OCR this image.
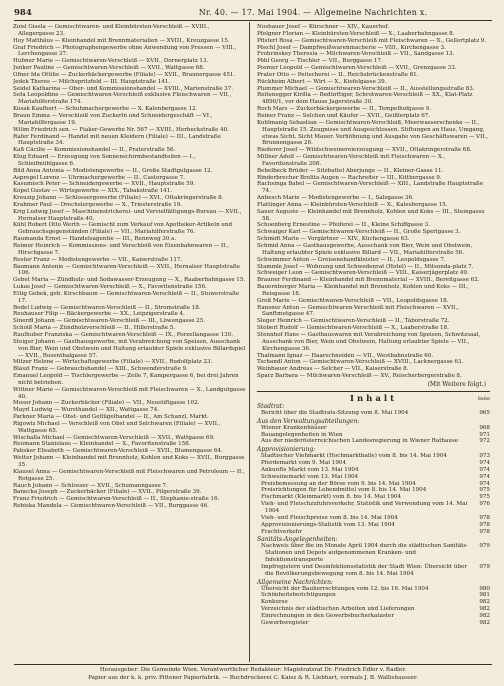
984	Nr. 40. — 17. Mai 1904. — Allgemeine Nachrichten x.
Zoisl Gisela — Gemischtwaren- und Kleinbürsten-Verschleiß — XVIII., Allegergasse 23.
Hoy Matthäus — Kleinhandel mit Brennmaterialien — XVIII., Kreuzgasse 15.
Graf Friedrich — Photographengewerbe ohne Anwendung von Pressen — VIII., Lerchengasse 37.
Hubner Marie — Gemischtwaren-Verschleiß — XVII., Dornerplatz 13.
Junker Pauline — Gemischtwaren-Verschleiß — XVII., Wattgasse 68.
Öfner Ida Ottilie — Zuckerbäckergewerbe (Filiale) — XVII., Braunergasse 451.
Jedek Theres — Milchspritzfeld — III. Hauptstraße 141.
Seidel Katharina — Ober- und Kommissionshandel — XVIII., Marienstraße 37.
Sefa Leopoldine — Gemischtwaren-Verschleiß exklusive Fleischwaren — VII., Mariahilferstraße 174.
Kosak Kaufhert — Schuhmachergewerbe — X. Kalenbergasse 12.
Braun Emma — Verschleiß von Zuckerln und Schneidergeschäft — VI., Mariahilfergasse 19.
Wilim Friedrich sen. — Fiaker-Gewerbe Nr. 567 — XVIII., Herbeckstraße 40.
Rafer Ferdinand — Handel mit neuen Kleidern (Filiale) — III., Landstraße Hauptstraße 34.
Kaß Cäcilie — Kommissionshandel — II., Praterstraße 56.
Klug Eduard — Erzeugung von Sonnenschirmbestandteilen — I., Schleifmühlgasse 6.
Bild Anna Antonia — Modistengewerbe — II., Große Stadtgutgasse 12.
Aspregel Lorenz — Uhrmachergewerbe — II., Castorgasse 7.
Kasumisch Peter — Schneidergewerbe — XVII., Hauptstraße 59.
Kopel Gustav — Wirtsgewerbe — XIX., Tabakstraße 141.
Kreuzig Johann — Schlossergewerbe (Filiale) — XVI., Ottakringerstraße 8.
Krahmer Paul — Drechslergewerbe — X., Triesterstraße 19.
Krig Ludwig Josef — Maschinenstrickerei- und Vervielfältigungs-Bureau — XVII., Hernalser Hauptstraße 40.
Kühl Robert Otto Werth — Gemischt zum Verkauf von Apotheker-Artikeln und Gebrauchsgegenständen (Filiale) — VII., Mariahilferstraße 76.
Raumanda Ernst — Handelsagentie — III., Rennweg 30 a.
Reimer Heinrich — Kommissions- und Verschleiß von Eisenbahnwaren — II., Hirschgasse 7.
Roster Franz — Modistengewerbe — VII., Kaiserstraße 117.
Baumann Antonie — Gemischtwaren-Verschleiß — XVII., Hernalser Hauptstraße 106.
Gebet Maria — Zündholz- und Sodawasser-Erzeugung — X., Raaberbahngasse 15.
Lukas Josef — Gemischtwaren-Verschleiß — X., Favoritenstraße 156.
Ettig Gebek, geb. Kirschbaum — Gemischtwaren-Verschleiß — II., Stuwerstraße 17.
Bodel Ludwig — Gemischtwaren-Verschleiß — II., Stromstraße 18.
Reuhauser Filip — Bäckergewerbe — XX., Leipzigerstraße 4.
Sinerdl Johann — Gemischtwaren-Verschleiß — III., Löwengasse 25.
Schoiß Maria — Zündholzverschleiß — II., Hillerstraße 5.
Raulhuber Franziska — Gemischtwaren-Verschleiß — IX., Porzellangasse 130.
Steiger Johann — Gasthausgewerbe, mit Verabreichung von Speisen, Ausschank von Bier, Wein und Obstwein und Haltung erlaubter Spiele exklusive Billardspiel — XVII., Rosenthalgasse 57.
Mitzer Helene — Wirtschaftsgewerbe (Filiale) — XVII., Rudolfplatz 23.
Blaszl Franz — Gebrauchshandel — XIII., Schwenderstraße 9.
Emanuel Leopold — Tischlergewerbe — Zeile 7, Kampergasse 6, bei drei Jahren nicht betrieben.
Wittner Marie — Gemischtwaren-Verschleiß mit Fleischwaren — X., Landgutgasse 40.
Moser Johann — Zuckerbäcker (Filiale) — VII., Neustiftgasse 102.
Mayrl Ludwig — Wursthandel — XII., Wattgasse 74.
Parkner Maria — Obst- und Geflügelhandel — II., Am Schanzl, Markt.
Rigowiz Michael — Verschleiß von Obst und Selchwaren (Filiale) — XVII., Wattgasse 65.
Wischalla Michael — Gemischtwaren-Verschleiß — XVII., Wattgasse 69.
Reumann Stanislaus — Kleinhandel — X., Favoritenstraße 158.
Pabsker Elisabeth — Gemischtwaren-Verschleiß — XVII., Blumengasse 64.
Wetter Johann — Kleinhandel mit Brennholz, Kohlen und Koks — XVII., Burggasse 35.
Klausel Anna — Gemischtwaren-Verschleiß mit Fleischwaren und Petroleum — II., Rotgasse 25.
Rauch Johann — Schlosser — XVII., Schumanngasse 7.
Banecka Joseph — Zuckerbäcker (Filiale) — XVII., Pilgerstraße 39.
Franz Friedrich — Gemischtwaren-Verschleiß — II., Stephanie-straße 16.
Rebiska Mandela — Gemischtwaren-Verschleiß — VII., Burggasse 46.
Nosbauer Josef — Kürschner — XIV., Kauerhof.
Pfelgner Florian — Kleinbürsten-Verschleiß — X., Laaberbahngasse 8.
Pfisterl Rosa — Gemischtwaren-Verschleiß mit Fleischwaren — X., Gellertplatz 9.
Pöschl Josef — Dampfweißwarenmacherie — VIII., Kirchengasse 3.
Frohrinskey Theresia — Milchwaren-Verschleiß — VII., Sandgasse 13.
Pöhl Georg — Tischler — VII., Burggasse 17.
Posmer Leopold — Gemischtwaren-Verschleiß — XVII., Grenzgasse 33.
Prater Otto — Peitscherei — II., Reichsbrückenstraße 81.
Rückheim Albert — Wirt — X., Kiefelgasse 39.
Plummer Michael — Gemischtwaren-Verschleiß — II., Ausstellungsstraße 83.
Reitenegger Kirilla — Bedürftiger, Schrotwaren-Verschleiß — XX., Klat-Platz 4890/1, vor dem Hause Jagerstraße 30.
Roch Mars — Zuckerbäckergewerbe — II., Tempelhofgasse 9.
Reiner Franz — Selchen und Käufer — XVII., Geißlerplatz 67.
Kohlmanig Sebastian — Gemischtwaren-Verschleiß, Meerwasserschenke — II., Hauptstraße 15. Zeugnisse und Ausgeschlossen. Stiftungen an Haus, Umgang, etwas Sicht. Sicht Mauer. Verhöhnung und Ausgabe von Geschäftswaren — VII., Brunnengasse 26.
Riederer Josef — Wildschweinereierzeugung — XVII., Ottakringerstraße 68.
Millner Adolf — Gemischtwaren-Verschleiß mit Fleischwaren — X., Favoritenstraße 208.
Bebelbeck Brüder — Sitzbattel Aberjunge — II., Kleiner-Gasse 11.
Rinderbrecher Brelita Augen — Rachreiter — III., Kittbergasse 9.
Rachsinga Babel — Gemischtwaren-Verschleiß — XIII., Landstraße Hauptstraße 74.
Anbesch Marie — Modistengewerbe — I., Salzgasse 36.
Flattinger Anna — Kleinbürsten-Verschleiß — X., Kalesbergasse 15.
Sauer Auguste — Kleinhandel mit Brennholz, Kohlen und Koks — III., Steingasse 58.
Schoenberg Ernestine — Pfeiferei — II., Kleine Schiffgasse 3.
Schwaiger Karl — Gemischtwaren-Verschleiß — II., Große Sperlgasse 3.
Schmidt Marie — Vorgärtner — XIV., Küchengasse 63.
Schmid Anna — Gasthausgewerbe, Ausschank von Bier, Wein und Obstwein, Haltung erlaubter Spiele exklusive Billard — VII., Mariahilferstraße 56.
Schwimmer Anton — Greisenehandkleister — II., Leopoldsgasse 7.
Stammle Josef — Wohnung und Schwedenrat (Hotel) — II., Mitsonda-platz 7.
Schweiger Leon — Gemischtwaren-Verschleiß — VIII., Kaiserjägerplatz 49.
Brauner Ferdinand — Kleinhandel mit Brennmaterial — XVIII., Bereitgasse 62.
Bauernberger Maria — Kleinhandel mit Brennholz, Kohlen und Koks — III., Reisgasse 18.
Groß Marie — Gemischtwaren-Verschleiß — VII., Leopoldsgasse 18.
Ransner Anton — Gemischtwaren-Verschleiß mit Fleischwaren — XVII., Sanftmutgasse 47.
Sleger Heinrich — Gemischtwaren-Verschleiß — II., Taborstraße 72.
Stoberl Rudolf — Gemischtwaren-Verschleiß — X., Laaberstraße 18.
Stennhof Hans — Gasthauswaren mit Verabreichung von Speisen, Schwitzsaal, Ausschank von Bier, Wein und Obstwein, Haltung erlaubter Spiele — VII., Kirchengasse 36.
Thalmann Ignaz — Haarschneiden — VII., Westbahnstraße 60.
Tschandl Anton — Gemischtwaren-Verschleiß — XVIII., Lacknergasse 63.
Weinbauer Andreas — Selcher — VII., Kaiserstraße 8.
Sparz Barbara — Milchwaren-Verschleiß — XV., Reischerbergerstraße 8.
(Mit Weitere folgt.)
Inhalt	Seite
Stadtrat:
Bericht über die Stadtrats-Sitzung vom 8. Mai 1904	965
Aus den Verwaltungsabteilungen:
Wiener Krankenhäuser	968
Bauangelegenheiten in Wien	971
Aus der niederösterreichischen Landesregierung in Wiener Rathause	972
Approvisionierung:
Stadtischer Viehmarkt (Hochmarkthalle) vom 8. bis 14. Mai 1904	973
Pferdemarkt vom 9. Mai 1904	974
Ankunfts Markt vom 13. Mai 1904	974
Schweinemarkt vom 13. Mai 1904	974
Preisbemessung an der Börse vom 9. bis 14. Mai 1904	974
Preisrichtungen für Lebendmittel vom 8. bis 14. Mai 1904	975
Fischmarkt (Kleinmarkt) vom 8. bis 14. Mai 1904	975
Vieh- und Fleischzufuhrsverkehr, Statistik und Verwendung vom 14. Mai 1904
976
Vieh- und Fleischpreise vom 8. bis 14. Mai 1904	978
Approvisionierungs-Statistik vom 13. Mai 1904	978
Frachtverkehr	978
Sanitäts-Angelegenheiten:
Nachweis über die im Monate April 1904 durch die städtischen Sanitäts-Stationen und Depots aufgenommenen Kranken- und Infektionstransporte
979
Impfregistern und Desinfektionsstatistik der Stadt Wien: Übersicht über die Bevölkerungsbewegung vom 8. bis 14. Mai 1904
979
Allgemeine Nachrichten:
Übersicht der Bauherrschtungen vom 12. bis 16. Mai 1904	980
Schönheitsberichtigungen	981
Konkurse	982
Verzeichnis der städtischen Arbeiten und Lieferungen	982
Einrechnungen in den Gewerbsbucherkataster	982
Gewerbsregister	982
Herausgeber: Die Gemeinde Wien. Verantwortlicher Redakteur: Magistratsrat Dr. Friedrich Edler v. Radler.
Papier aus der k. k. priv. Pittener Papierfabrik. — Buchdruckerei C. Kaisz & R. Liebhart, vormals J. B. Wallishausser.
